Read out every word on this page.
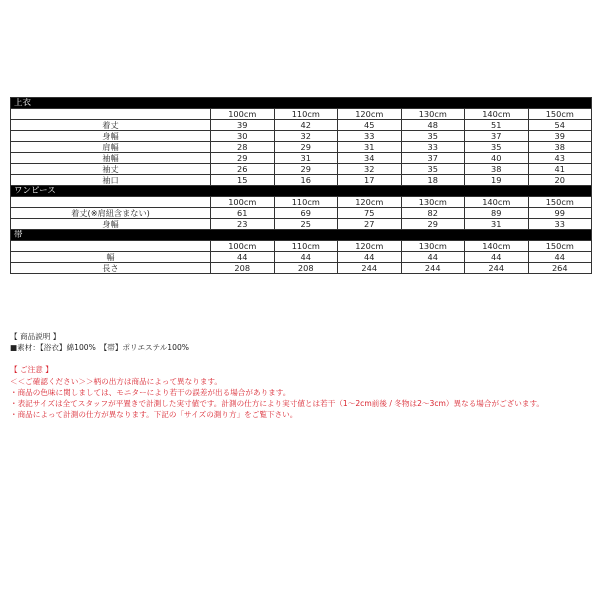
上衣						
	100cm	110cm	120cm	130cm	140cm	150cm
着丈	39	42	45	48	51	54
身幅	30	32	33	35	37	39
肩幅	28	29	31	33	35	38
袖幅	29	31	34	37	40	43
袖丈	26	29	32	35	38	41
袖口	15	16	17	18	19	20
ワンピース						
	100cm	110cm	120cm	130cm	140cm	150cm
着丈(※肩紐含まない)	61	69	75	82	89	99
身幅	23	25	27	29	31	33
帯						
	100cm	110cm	120cm	130cm	140cm	150cm
幅	44	44	44	44	44	44
長さ	208	208	244	244	244	264
【 商品説明 】
■素材：【浴衣】綿100%　【帯】ポリエステル100%
【 ご注意 】
＜＜ご確認ください＞＞柄の出方は商品によって異なります。
・商品の色味に関しましては、モニターにより若干の誤差が出る場合があります。
・表記サイズは全てスタッフが平置きで計測した実寸値です。計測の仕方により実寸値とは若干（1～2cm前後 / 冬物は2～3cm）異なる場合がございます。
・商品によって計測の仕方が異なります。下記の「サイズの測り方」をご覧下さい。
